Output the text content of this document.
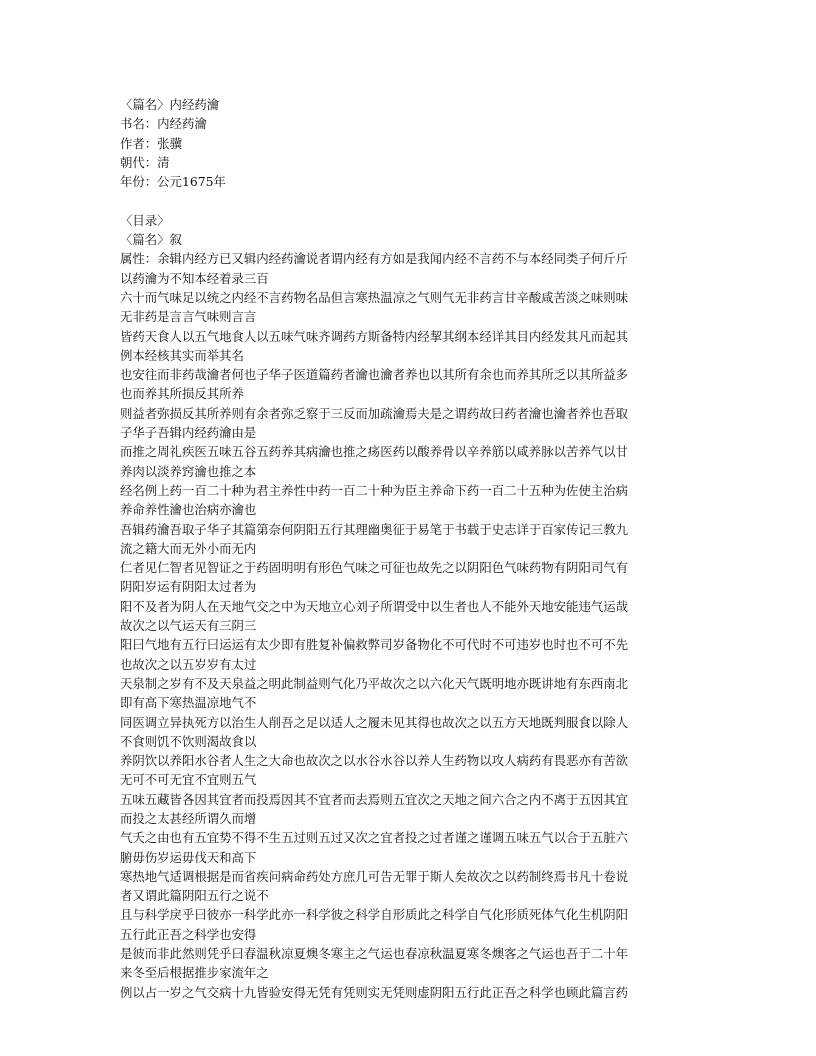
〈篇名〉内经药瀹
书名：内经药瀹
作者：张骥
朝代：清
年份：公元1675年
〈目录〉
〈篇名〉叙
属性：余辑内经方已又辑内经药瀹说者谓内经有方如是我闻内经不言药不与本经同类子何斤斤
以药瀹为不知本经着录三百
六十而气味足以统之内经不言药物名品但言寒热温凉之气则气无非药言甘辛酸咸苦淡之味则味
无非药是言言气味则言言
皆药天食人以五气地食人以五味气味齐调药方斯备特内经挈其纲本经详其目内经发其凡而起其
例本经核其实而举其名
也安往而非药哉瀹者何也子华子医道篇药者瀹也瀹者养也以其所有余也而养其所乏以其所益多
也而养其所损反其所养
则益者弥损反其所养则有余者弥乏察于三反而加疏瀹焉夫是之谓药故曰药者瀹也瀹者养也吾取
子华子吾辑内经药瀹由是
而推之周礼疾医五味五谷五药养其病瀹也推之疡医药以酸养骨以辛养筋以咸养脉以苦养气以甘
养肉以淡养窍瀹也推之本
经名例上药一百二十种为君主养性中药一百二十种为臣主养命下药一百二十五种为佐使主治病
养命养性瀹也治病亦瀹也
吾辑药瀹吾取子华子其篇第奈何阴阳五行其理幽奥征于易笔于书载于史志详于百家传记三教九
流之籍大而无外小而无内
仁者见仁智者见智证之于药固明明有形色气味之可征也故先之以阴阳色气味药物有阴阳司气有
阴阳岁运有阴阳太过者为
阳不及者为阴人在天地气交之中为天地立心刘子所谓受中以生者也人不能外天地安能违气运哉
故次之以气运天有三阴三
阳曰气地有五行曰运运有太少即有胜复补偏救弊司岁备物化不可代时不可违岁也时也不可不先
也故次之以五岁岁有太过
天泉制之岁有不及天泉益之明此制益则气化乃平故次之以六化天气既明地亦既讲地有东西南北
即有高下寒热温凉地气不
同医调立异执死方以治生人削吾之足以适人之履未见其得也故次之以五方天地既判服食以除人
不食则饥不饮则渴故食以
养阴饮以养阳水谷者人生之大命也故次之以水谷水谷以养人生药物以攻人病药有畏恶亦有苦欲
无可不可无宜不宜则五气
五味五藏皆各因其宜者而投焉因其不宜者而去焉则五宜次之天地之间六合之内不离于五因其宜
而投之太甚经所谓久而增
气夭之由也有五宜势不得不生五过则五过又次之宜者投之过者谨之谨调五味五气以合于五脏六
腑毋伤岁运毋伐天和高下
寒热地气适调根据是而省疾问病命药处方庶几可告无罪于斯人矣故次之以药制终焉书凡十卷说
者又谓此篇阴阳五行之说不
且与科学戾乎曰彼亦一科学此亦一科学彼之科学自形质此之科学自气化形质死体气化生机阴阳
五行此正吾之科学也安得
是彼而非此然则凭乎曰春温秋凉夏燠冬寒主之气运也春凉秋温夏寒冬燠客之气运也吾于二十年
来冬至后根据推步家流年之
例以占一岁之气交病十九皆验安得无凭有凭则实无凭则虚阴阳五行此正吾之科学也顾此篇言药
